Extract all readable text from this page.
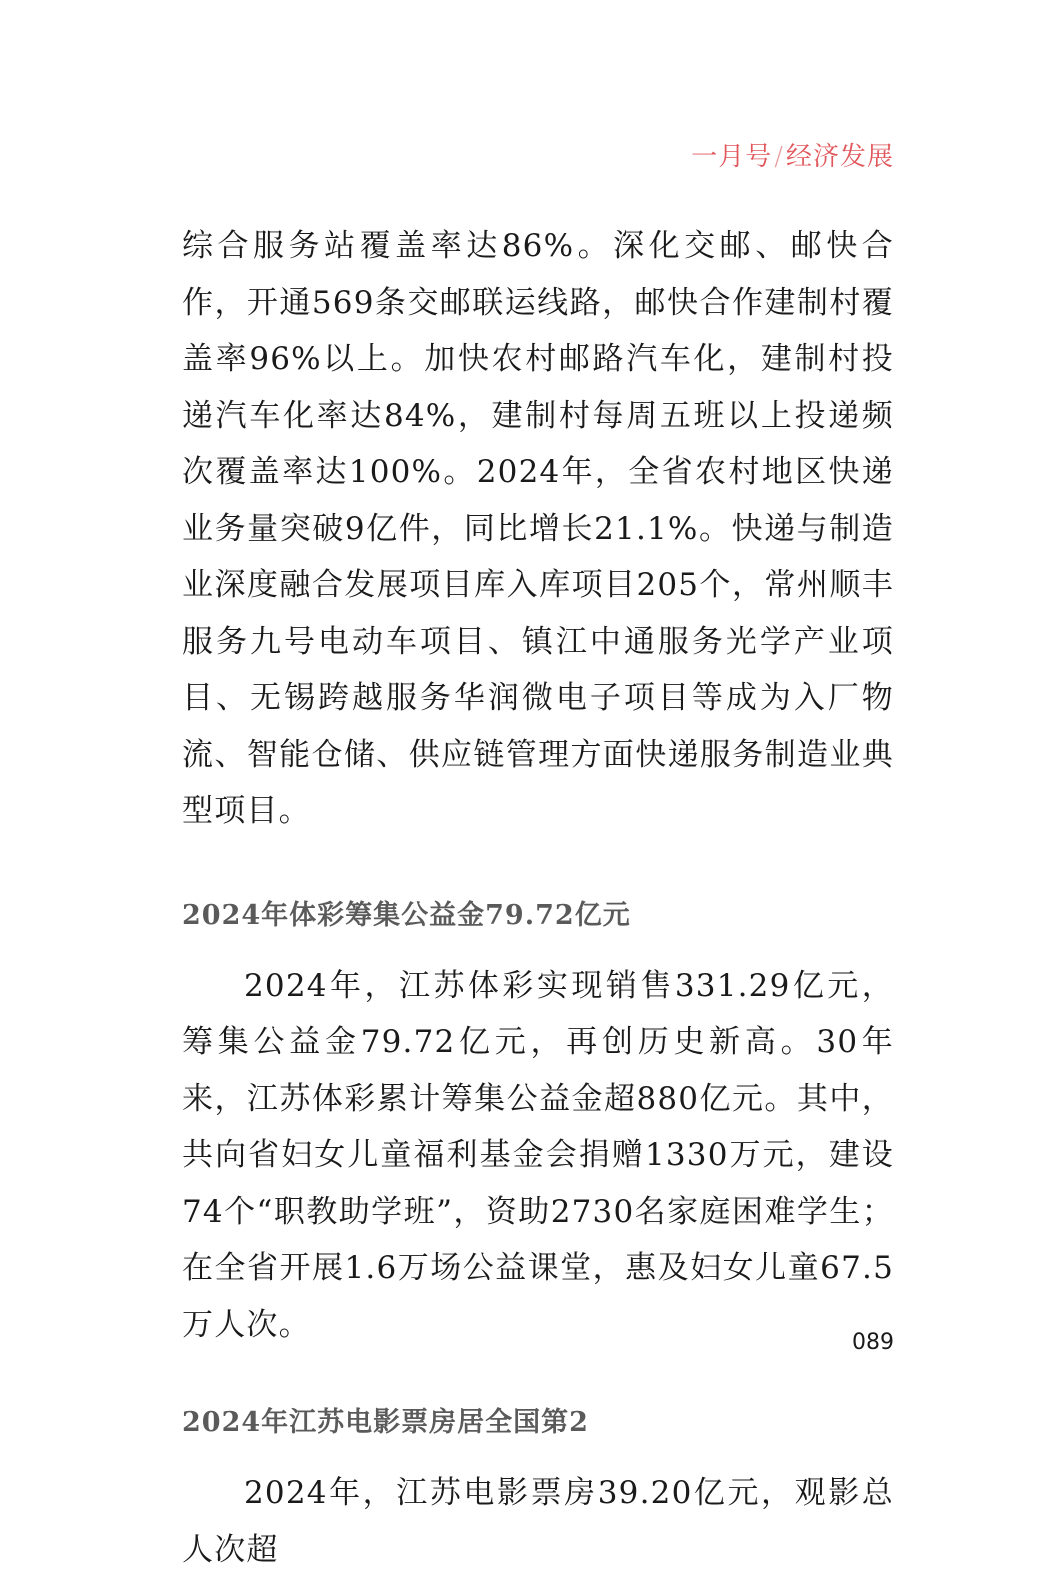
一月号/经济发展

综合服务站覆盖率达86%。深化交邮、邮快合作，开通569条交邮联运线路，邮快合作建制村覆盖率96%以上。加快农村邮路汽车化，建制村投递汽车化率达84%，建制村每周五班以上投递频次覆盖率达100%。2024年，全省农村地区快递业务量突破9亿件，同比增长21.1%。快递与制造业深度融合发展项目库入库项目205个，常州顺丰服务九号电动车项目、镇江中通服务光学产业项目、无锡跨越服务华润微电子项目等成为入厂物流、智能仓储、供应链管理方面快递服务制造业典型项目。

2024年体彩筹集公益金79.72亿元

2024年，江苏体彩实现销售331.29亿元，筹集公益金79.72亿元，再创历史新高。30年来，江苏体彩累计筹集公益金超880亿元。其中，共向省妇女儿童福利基金会捐赠1330万元，建设74个“职教助学班”，资助2730名家庭困难学生；在全省开展1.6万场公益课堂，惠及妇女儿童67.5万人次。

2024年江苏电影票房居全国第2

2024年，江苏电影票房39.20亿元，观影总人次超

089
